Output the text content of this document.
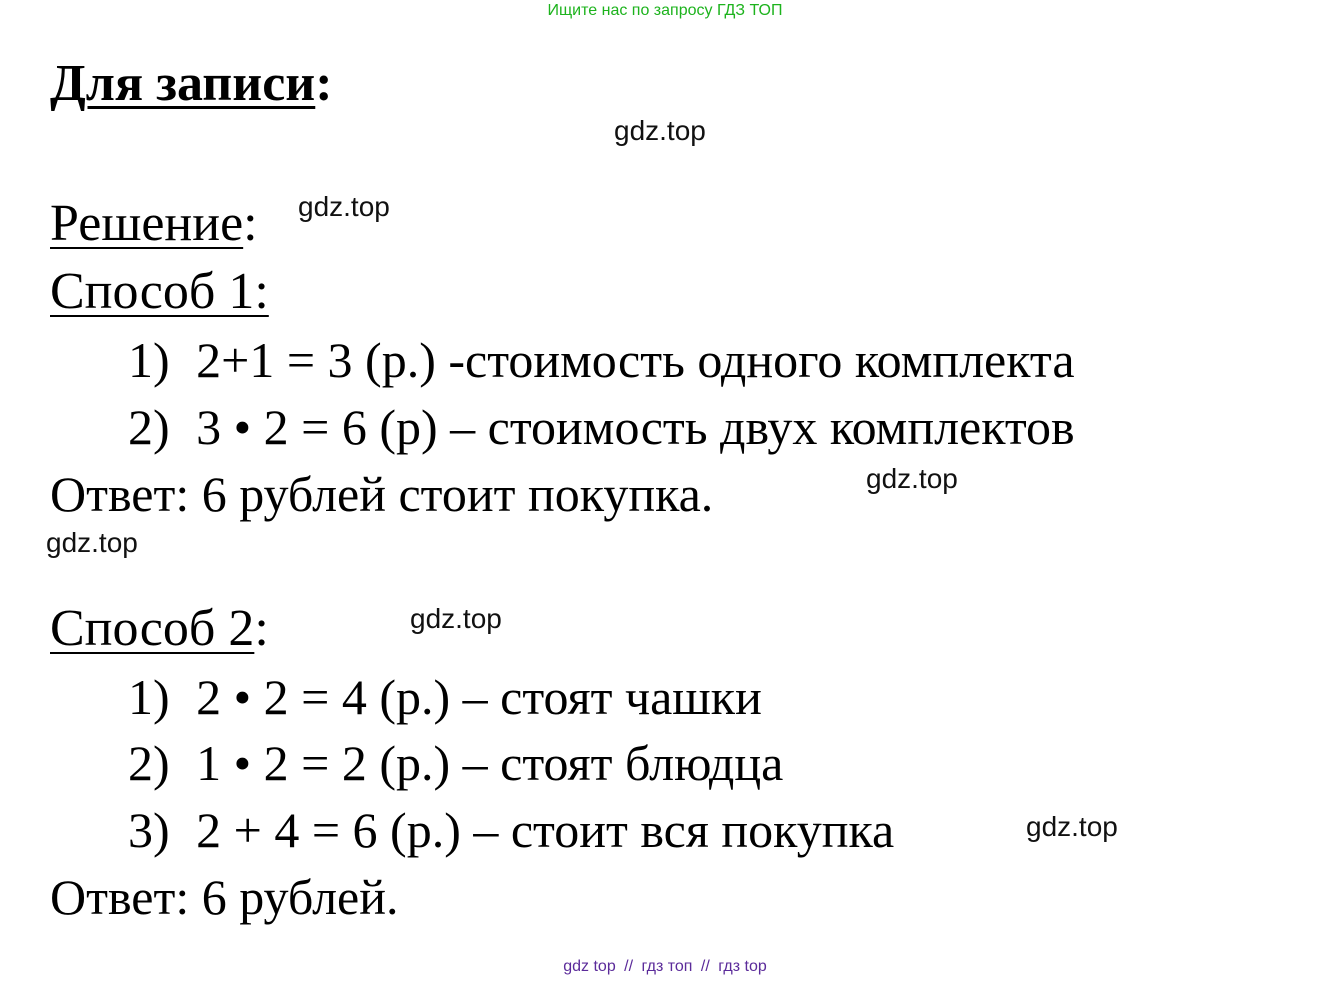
Ищите нас по запросу ГДЗ ТОП
Для записи:
gdz.top
Решение: gdz.top
Способ 1:
1) 2+1 = 3 (р.) -стоимость одного комплекта
2) 3 • 2 = 6 (р) – стоимость двух комплектов
Ответ: 6 рублей стоит покупка.	gdz.top
gdz.top
Способ 2:	gdz.top
1) 2 • 2 = 4 (р.) – стоят чашки
2) 1 • 2 = 2 (р.) – стоят блюдца
3) 2 + 4 = 6 (р.) – стоит вся покупка	gdz.top
Ответ: 6 рублей.
gdz top // гдз топ // гдз top
